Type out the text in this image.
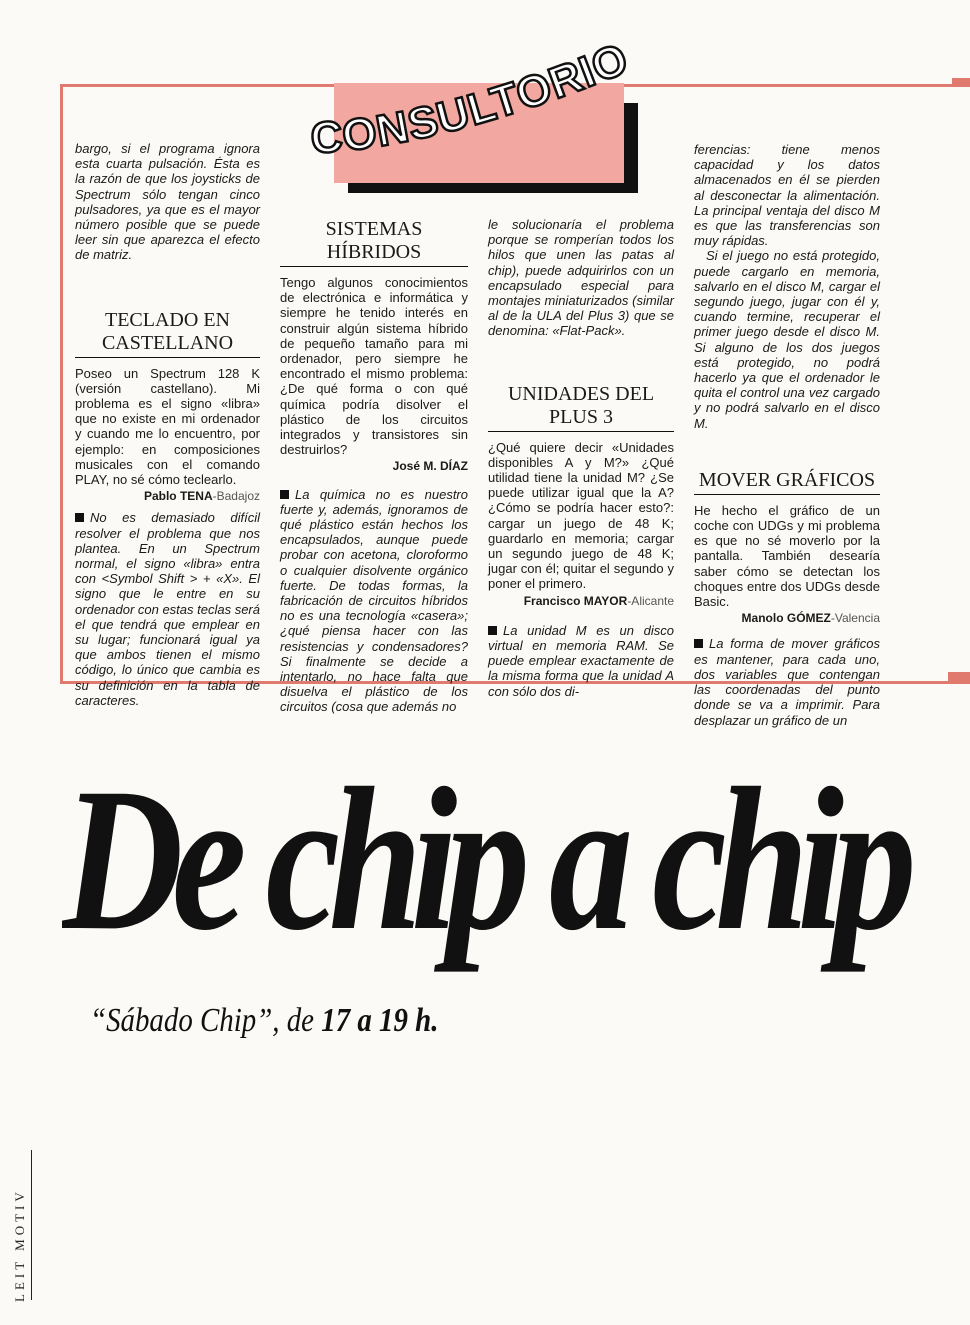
CONSULTORIO

bargo, si el programa ignora esta cuarta pulsación. Ésta es la razón de que los joysticks de Spectrum sólo tengan cinco pulsadores, ya que es el mayor número posible que se puede leer sin que aparezca el efecto de matriz.

TECLADO EN CASTELLANO

Poseo un Spectrum 128 K (versión castellano). Mi problema es el signo «libra» que no existe en mi ordenador y cuando me lo encuentro, por ejemplo: en composiciones musicales con el comando PLAY, no sé cómo teclearlo.

Pablo TENA-Badajoz

No es demasiado difícil resolver el problema que nos plantea. En un Spectrum normal, el signo «libra» entra con <Symbol Shift > + «X». El signo que le entre en su ordenador con estas teclas será el que tendrá que emplear en su lugar; funcionará igual ya que ambos tienen el mismo código, lo único que cambia es su definición en la tabla de caracteres.

SISTEMAS HÍBRIDOS

Tengo algunos conocimientos de electrónica e informática y siempre he tenido interés en construir algún sistema híbrido de pequeño tamaño para mi ordenador, pero siempre he encontrado el mismo problema: ¿De qué forma o con qué química podría disolver el plástico de los circuitos integrados y transistores sin destruirlos?

José M. DÍAZ

La química no es nuestro fuerte y, además, ignoramos de qué plástico están hechos los encapsulados, aunque puede probar con acetona, cloroformo o cualquier disolvente orgánico fuerte. De todas formas, la fabricación de circuitos híbridos no es una tecnología «casera»; ¿qué piensa hacer con las resistencias y condensadores? Si finalmente se decide a intentarlo, no hace falta que disuelva el plástico de los circuitos (cosa que además no

le solucionaría el problema porque se romperían todos los hilos que unen las patas al chip), puede adquirirlos con un encapsulado especial para montajes miniaturizados (similar al de la ULA del Plus 3) que se denomina: «Flat-Pack».

UNIDADES DEL PLUS 3

¿Qué quiere decir «Unidades disponibles A y M?» ¿Qué utilidad tiene la unidad M? ¿Se puede utilizar igual que la A? ¿Cómo se podría hacer esto?: cargar un juego de 48 K; guardarlo en memoria; cargar un segundo juego de 48 K; jugar con él; quitar el segundo y poner el primero.

Francisco MAYOR-Alicante

La unidad M es un disco virtual en memoria RAM. Se puede emplear exactamente de la misma forma que la unidad A con sólo dos di-

ferencias: tiene menos capacidad y los datos almacenados en él se pierden al desconectar la alimentación. La principal ventaja del disco M es que las transferencias son muy rápidas.

Si el juego no está protegido, puede cargarlo en memoria, salvarlo en el disco M, cargar el segundo juego, jugar con él y, cuando termine, recuperar el primer juego desde el disco M. Si alguno de los dos juegos está protegido, no podrá hacerlo ya que el ordenador le quita el control una vez cargado y no podrá salvarlo en el disco M.

MOVER GRÁFICOS

He hecho el gráfico de un coche con UDGs y mi problema es que no sé moverlo por la pantalla. También desearía saber cómo se detectan los choques entre dos UDGs desde Basic.

Manolo GÓMEZ-Valencia

La forma de mover gráficos es mantener, para cada uno, dos variables que contengan las coordenadas del punto donde se va a imprimir. Para desplazar un gráfico de un

De chip a chip
“Sábado Chip”, de 17 a 19 h.
LEIT MOTIV
